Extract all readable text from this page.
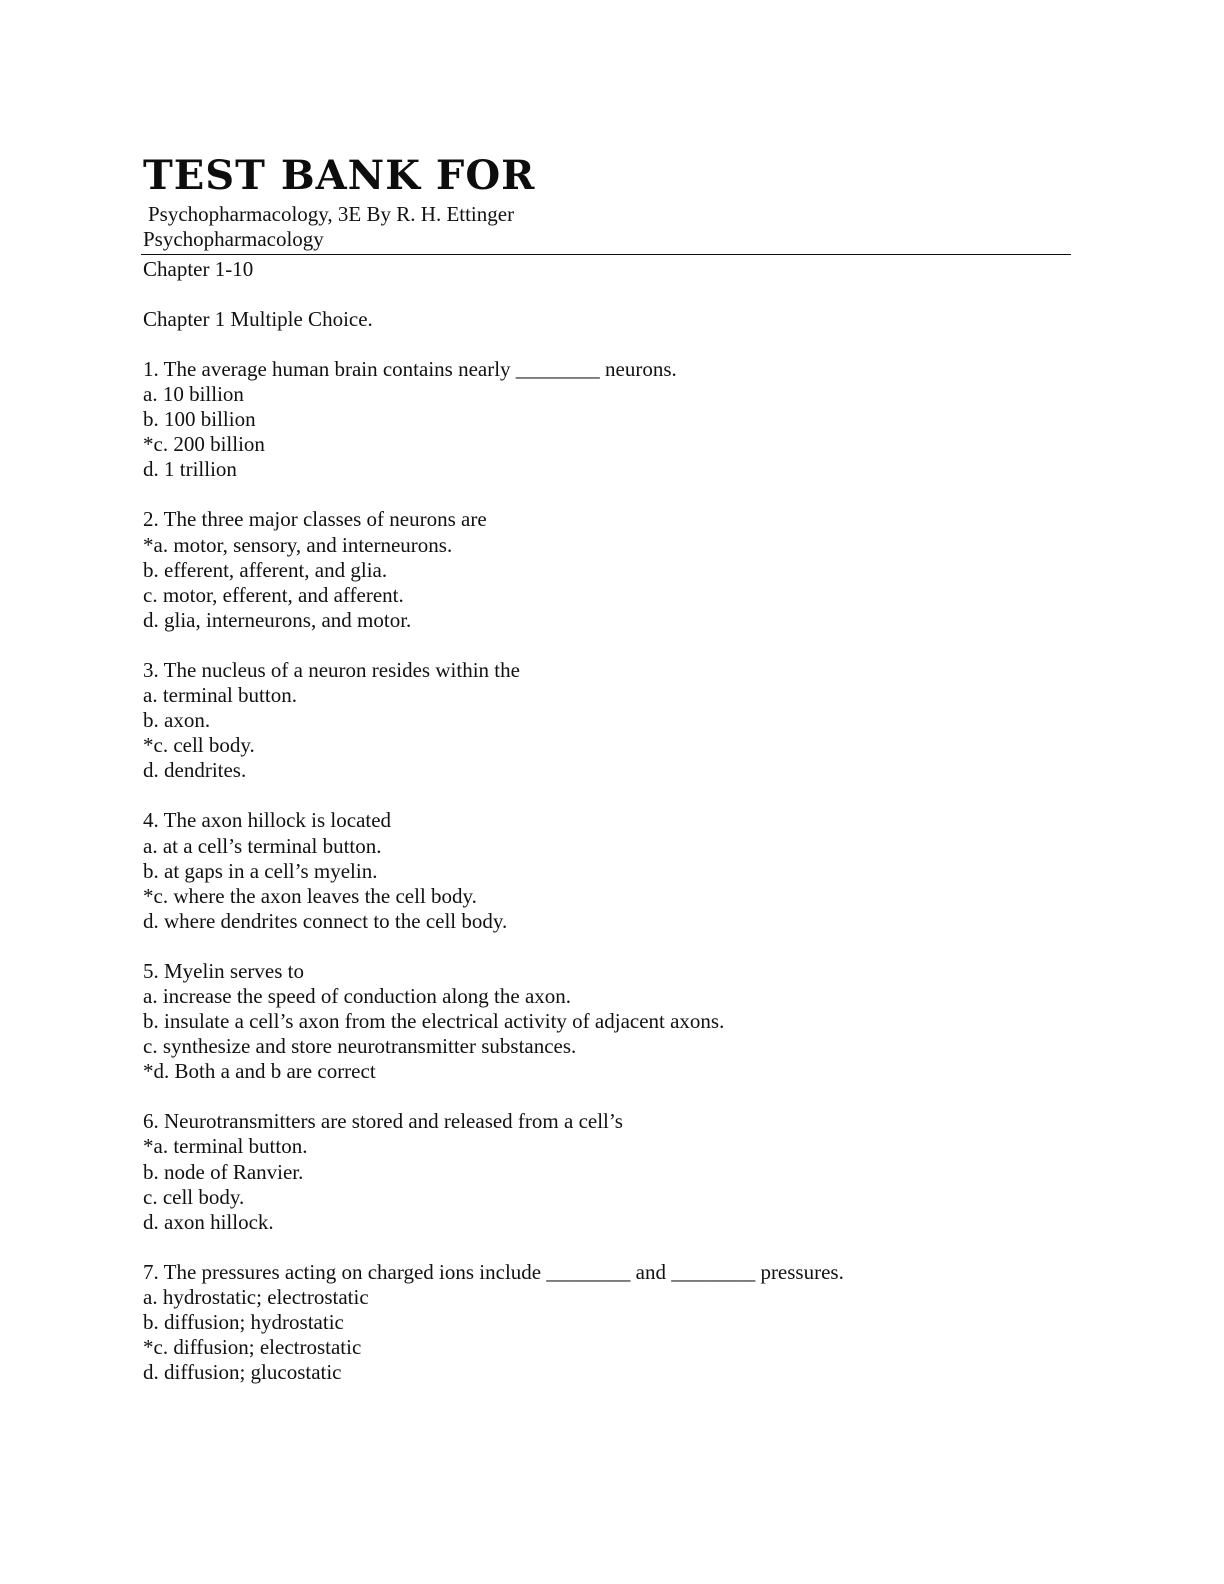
TEST BANK FOR

Psychopharmacology, 3E By R. H. Ettinger

Psychopharmacology

Chapter 1-10

Chapter 1 Multiple Choice.

1. The average human brain contains nearly ________ neurons.

a. 10 billion

b. 100 billion

*c. 200 billion

d. 1 trillion

2. The three major classes of neurons are

*a. motor, sensory, and interneurons.

b. efferent, afferent, and glia.

c. motor, efferent, and afferent.

d. glia, interneurons, and motor.

3. The nucleus of a neuron resides within the

a. terminal button.

b. axon.

*c. cell body.

d. dendrites.

4. The axon hillock is located

a. at a cell’s terminal button.

b. at gaps in a cell’s myelin.

*c. where the axon leaves the cell body.

d. where dendrites connect to the cell body.

5. Myelin serves to

a. increase the speed of conduction along the axon.

b. insulate a cell’s axon from the electrical activity of adjacent axons.

c. synthesize and store neurotransmitter substances.

*d. Both a and b are correct

6. Neurotransmitters are stored and released from a cell’s

*a. terminal button.

b. node of Ranvier.

c. cell body.

d. axon hillock.

7. The pressures acting on charged ions include ________ and ________ pressures.

a. hydrostatic; electrostatic

b. diffusion; hydrostatic

*c. diffusion; electrostatic

d. diffusion; glucostatic
